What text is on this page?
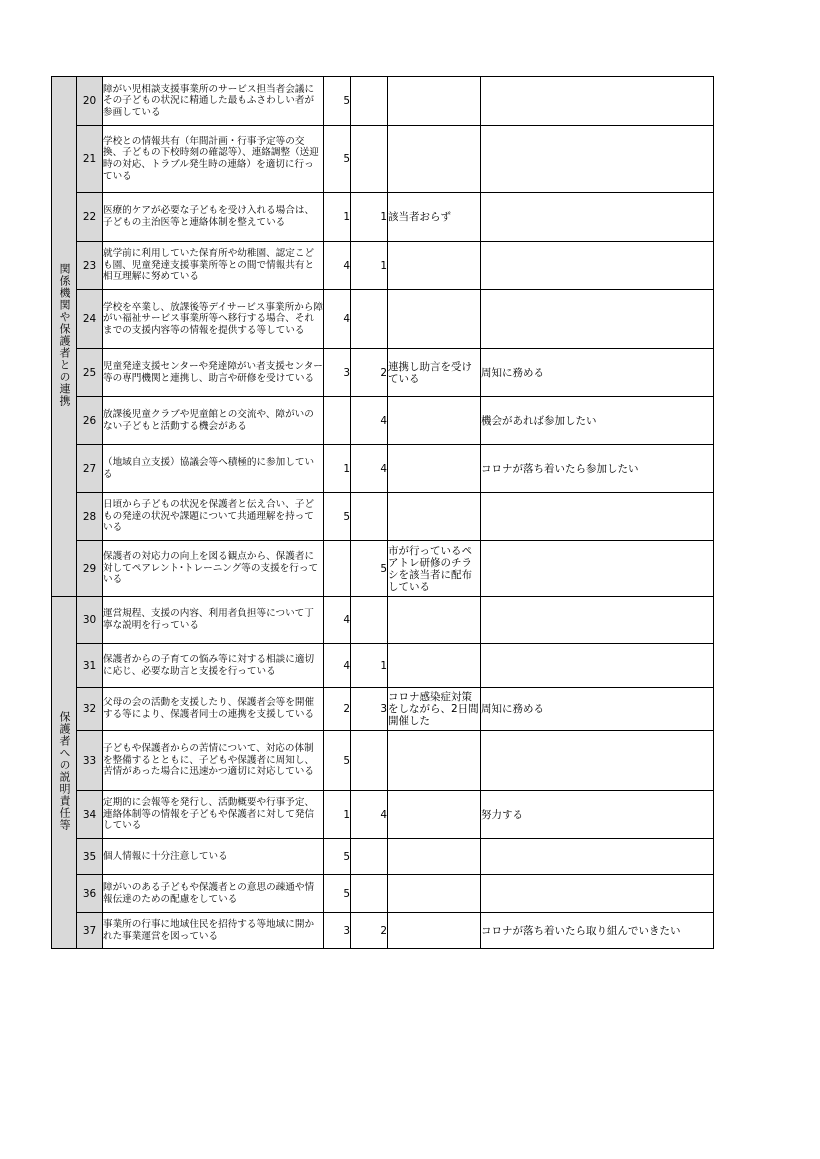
関係機関や保護者との連携	20	障がい児相談支援事業所のサービス担当者会議にその子どもの状況に精通した最もふさわしい者が参画している	5			
	21	学校との情報共有（年間計画・行事予定等の交換、子どもの下校時刻の確認等）、連絡調整（送迎時の対応、トラブル発生時の連絡）を適切に行っている	5			
	22	医療的ケアが必要な子どもを受け入れる場合は、子どもの主治医等と連絡体制を整えている	1	1	該当者おらず	
	23	就学前に利用していた保育所や幼稚園、認定こども園、児童発達支援事業所等との間で情報共有と相互理解に努めている	4	1		
	24	学校を卒業し、放課後等デイサービス事業所から障がい福祉サービス事業所等へ移行する場合、それまでの支援内容等の情報を提供する等している	4			
	25	児童発達支援センターや発達障がい者支援センター等の専門機関と連携し、助言や研修を受けている	3	2	連携し助言を受けている	周知に務める
	26	放課後児童クラブや児童館との交流や、障がいのない子どもと活動する機会がある		4		機会があれば参加したい
	27	（地域自立支援）協議会等へ積極的に参加している	1	4		コロナが落ち着いたら参加したい
	28	日頃から子どもの状況を保護者と伝え合い、子どもの発達の状況や課題について共通理解を持っている	5			
	29	保護者の対応力の向上を図る観点から、保護者に対してペアレント･トレーニング等の支援を行っている		5	市が行っているペアトレ研修のチラシを該当者に配布している	
保護者への説明責任等	30	運営規程、支援の内容、利用者負担等について丁寧な説明を行っている	4			
	31	保護者からの子育ての悩み等に対する相談に適切に応じ、必要な助言と支援を行っている	4	1		
	32	父母の会の活動を支援したり、保護者会等を開催する等により、保護者同士の連携を支援している	2	3	コロナ感染症対策をしながら、2日間開催した	周知に務める
	33	子どもや保護者からの苦情について、対応の体制を整備するとともに、子どもや保護者に周知し、苦情があった場合に迅速かつ適切に対応している	5			
	34	定期的に会報等を発行し、活動概要や行事予定、連絡体制等の情報を子どもや保護者に対して発信している	1	4		努力する
	35	個人情報に十分注意している	5			
	36	障がいのある子どもや保護者との意思の疎通や情報伝達のための配慮をしている	5			
	37	事業所の行事に地域住民を招待する等地域に開かれた事業運営を図っている	3	2		コロナが落ち着いたら取り組んでいきたい
